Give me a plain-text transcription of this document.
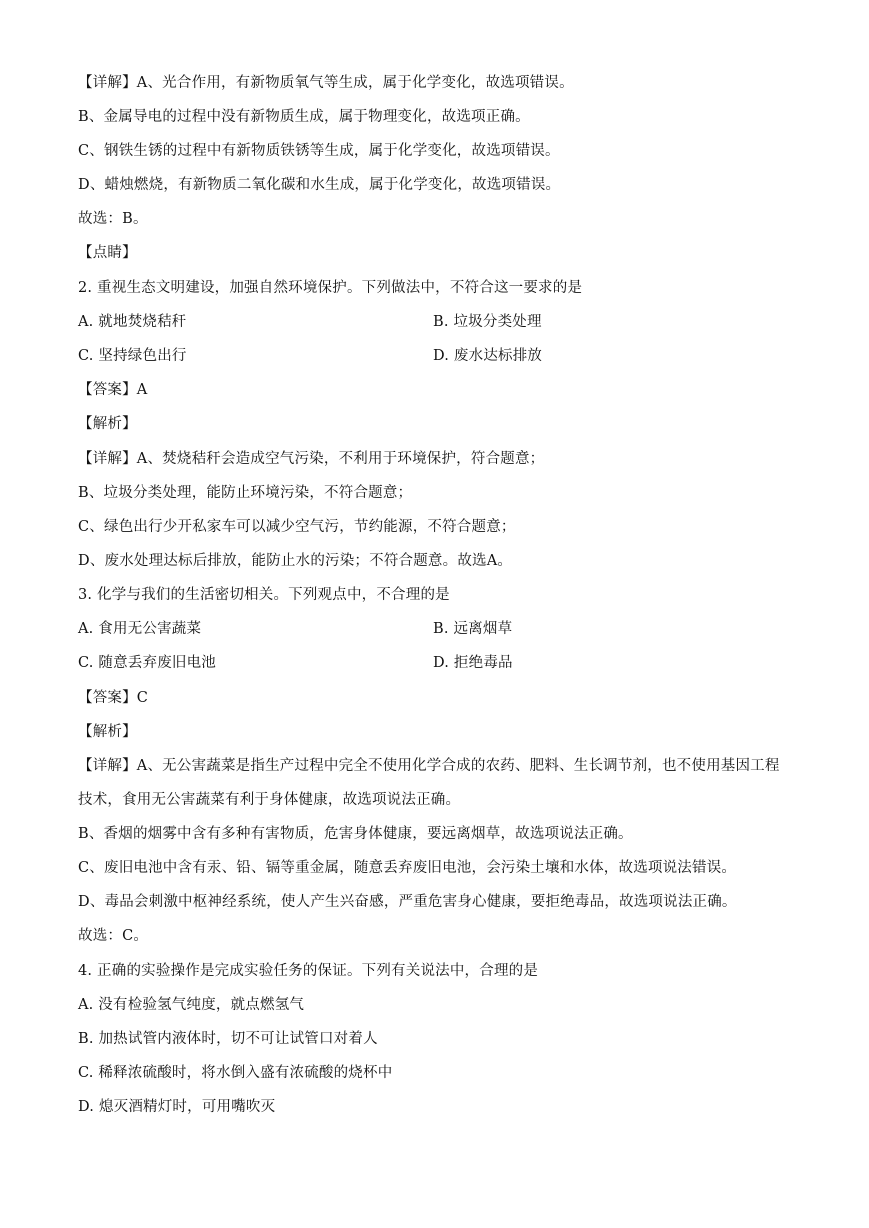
【详解】A、光合作用，有新物质氧气等生成，属于化学变化，故选项错误。
B、金属导电的过程中没有新物质生成，属于物理变化，故选项正确。
C、钢铁生锈的过程中有新物质铁锈等生成，属于化学变化，故选项错误。
D、蜡烛燃烧，有新物质二氧化碳和水生成，属于化学变化，故选项错误。
故选：B。
【点睛】
2. 重视生态文明建设，加强自然环境保护。下列做法中，不符合这一要求的是
A. 就地焚烧秸秆	B. 垃圾分类处理
C. 坚持绿色出行	D. 废水达标排放
【答案】A
【解析】
【详解】A、焚烧秸秆会造成空气污染，不利用于环境保护，符合题意；
B、垃圾分类处理，能防止环境污染，不符合题意；
C、绿色出行少开私家车可以减少空气污，节约能源，不符合题意；
D、废水处理达标后排放，能防止水的污染；不符合题意。故选A。
3. 化学与我们的生活密切相关。下列观点中，不合理的是
A. 食用无公害蔬菜	B. 远离烟草
C. 随意丢弃废旧电池	D. 拒绝毒品
【答案】C
【解析】
【详解】A、无公害蔬菜是指生产过程中完全不使用化学合成的农药、肥料、生长调节剂，也不使用基因工程技术，食用无公害蔬菜有利于身体健康，故选项说法正确。
B、香烟的烟雾中含有多种有害物质，危害身体健康，要远离烟草，故选项说法正确。
C、废旧电池中含有汞、铅、镉等重金属，随意丢弃废旧电池，会污染土壤和水体，故选项说法错误。
D、毒品会刺激中枢神经系统，使人产生兴奋感，严重危害身心健康，要拒绝毒品，故选项说法正确。
故选：C。
4. 正确的实验操作是完成实验任务的保证。下列有关说法中，合理的是
A. 没有检验氢气纯度，就点燃氢气
B. 加热试管内液体时，切不可让试管口对着人
C. 稀释浓硫酸时，将水倒入盛有浓硫酸的烧杯中
D. 熄灭酒精灯时，可用嘴吹灭
